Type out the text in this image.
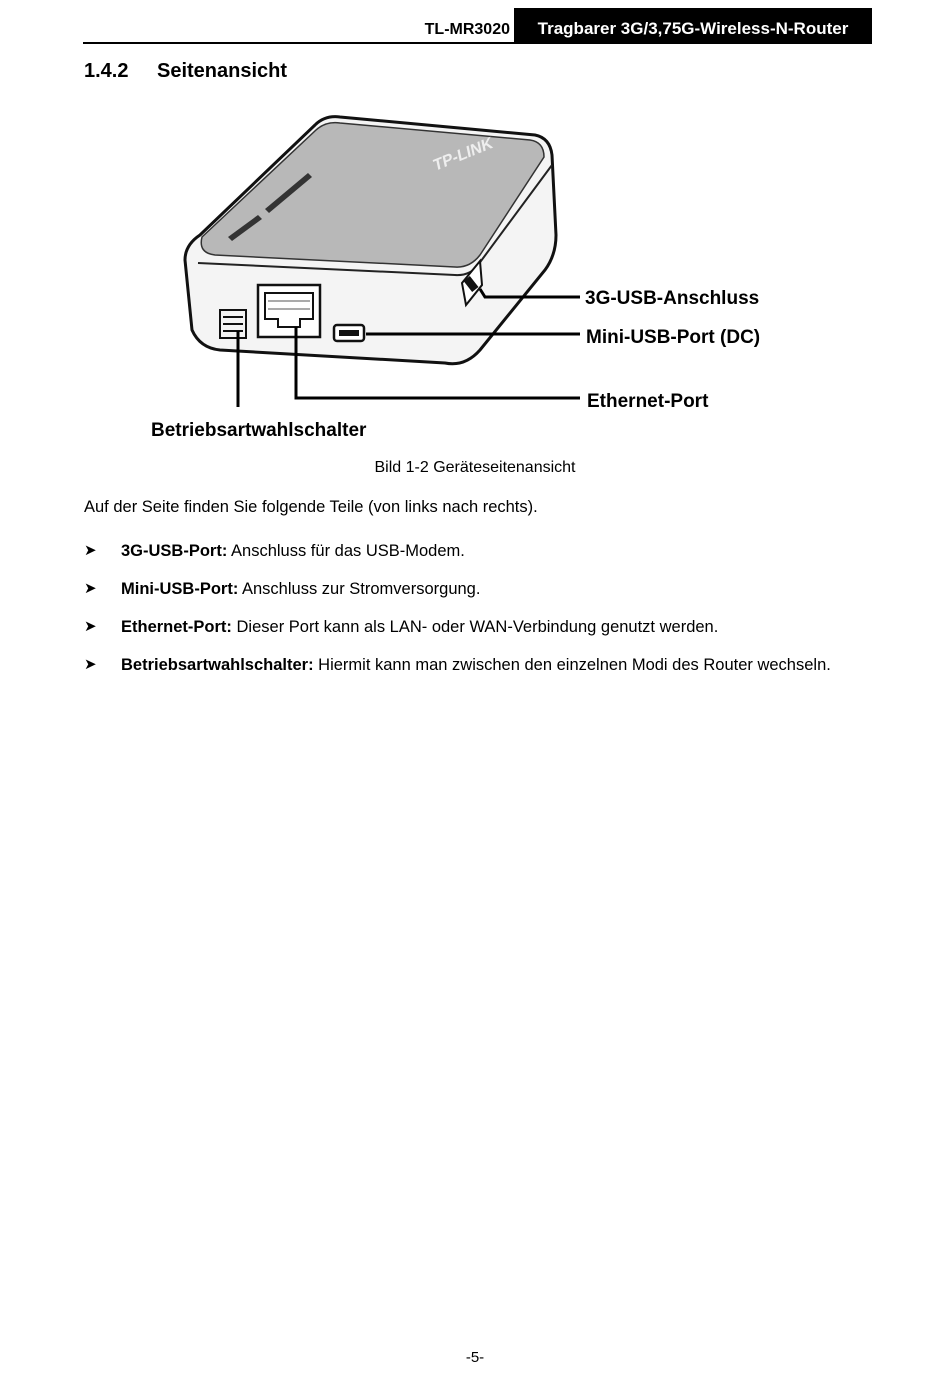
TL-MR3020	Tragbarer 3G/3,75G-Wireless-N-Router
1.4.2 Seitenansicht
TP-LINK
3G-USB-Anschluss
Mini-USB-Port (DC)
Ethernet-Port
Betriebsartwahlschalter
Bild 1-2 Geräteseitenansicht
Auf der Seite finden Sie folgende Teile (von links nach rechts).
➤ 3G-USB-Port: Anschluss für das USB-Modem.
➤ Mini-USB-Port: Anschluss zur Stromversorgung.
➤ Ethernet-Port: Dieser Port kann als LAN- oder WAN-Verbindung genutzt werden.
➤ Betriebsartwahlschalter: Hiermit kann man zwischen den einzelnen Modi des Router wechseln.
-5-
